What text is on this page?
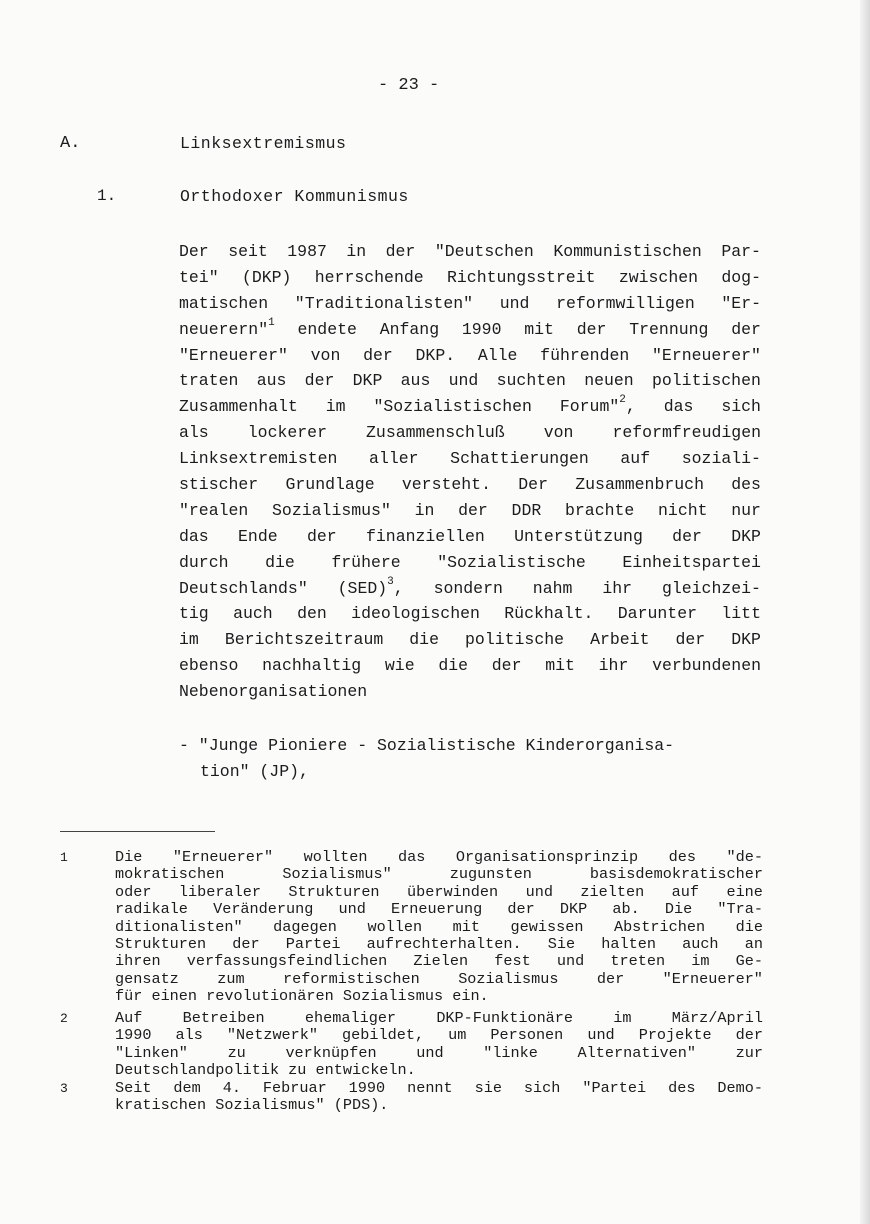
- 23 -
A.	Linksextremismus
1.	Orthodoxer Kommunismus
Der seit 1987 in der "Deutschen Kommunistischen Par-
tei" (DKP) herrschende Richtungsstreit zwischen dog-
matischen "Traditionalisten" und reformwilligen "Er-
neuerern"$^1$ endete Anfang 1990 mit der Trennung der
"Erneuerer" von der DKP. Alle führenden "Erneuerer"
traten aus der DKP aus und suchten neuen politischen
Zusammenhalt im "Sozialistischen Forum"$^2$, das sich
als lockerer Zusammenschluß von reformfreudigen
Linksextremisten aller Schattierungen auf soziali-
stischer Grundlage versteht. Der Zusammenbruch des
"realen Sozialismus" in der DDR brachte nicht nur
das Ende der finanziellen Unterstützung der DKP
durch die frühere "Sozialistische Einheitspartei
Deutschlands" (SED)$^3$, sondern nahm ihr gleichzei-
tig auch den ideologischen Rückhalt. Darunter litt
im Berichtszeitraum die politische Arbeit der DKP
ebenso nachhaltig wie die der mit ihr verbundenen
Nebenorganisationen
- "Junge Pioniere - Sozialistische Kinderorganisa-
tion" (JP),
1	Die "Erneuerer" wollten das Organisationsprinzip des "de-
mokratischen	Sozialismus"	zugunsten	basisdemokratischer
oder liberaler Strukturen überwinden und zielten auf eine
radikale Veränderung und Erneuerung der DKP ab. Die "Tra-
ditionalisten" dagegen wollen mit gewissen Abstrichen die
Strukturen der Partei aufrechterhalten. Sie halten auch an
ihren verfassungsfeindlichen Zielen fest und treten im Ge-
gensatz	zum	reformistischen	Sozialismus	der	"Erneuerer"
für einen revolutionären Sozialismus ein.
2	Auf	Betreiben	ehemaliger	DKP-Funktionäre	im	März/April
1990 als "Netzwerk" gebildet, um Personen und Projekte der
"Linken"	zu	verknüpfen	und	"linke	Alternativen"	zur
Deutschlandpolitik zu entwickeln.
3	Seit dem 4. Februar 1990 nennt sie sich "Partei des Demo-
kratischen Sozialismus" (PDS).
